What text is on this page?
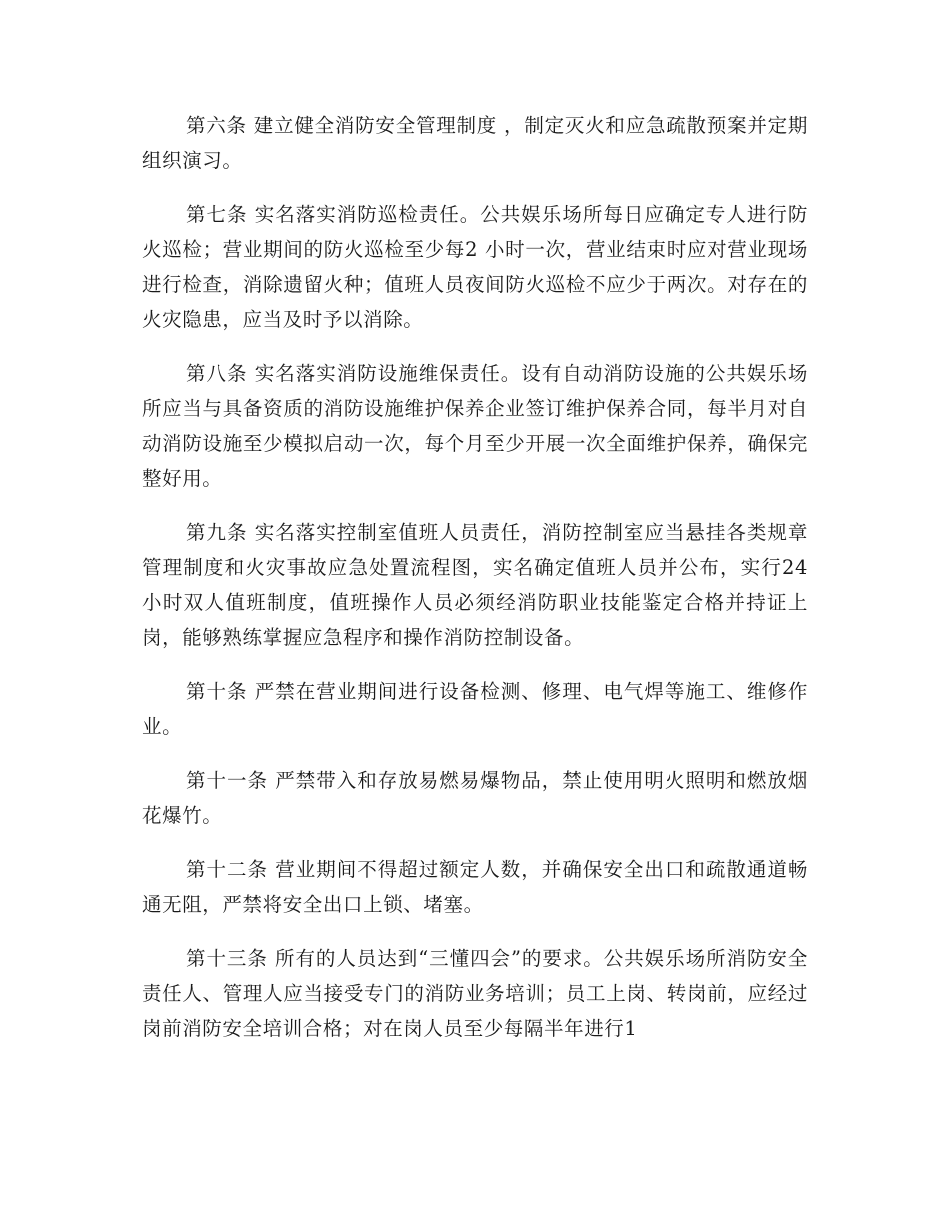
第六条 建立健全消防安全管理制度 ，制定灭火和应急疏散预案并定期组织演习。

第七条 实名落实消防巡检责任。公共娱乐场所每日应确定专人进行防火巡检；营业期间的防火巡检至少每2 小时一次，营业结束时应对营业现场进行检查，消除遗留火种；值班人员夜间防火巡检不应少于两次。对存在的火灾隐患，应当及时予以消除。

第八条 实名落实消防设施维保责任。设有自动消防设施的公共娱乐场所应当与具备资质的消防设施维护保养企业签订维护保养合同，每半月对自动消防设施至少模拟启动一次，每个月至少开展一次全面维护保养，确保完整好用。

第九条 实名落实控制室值班人员责任，消防控制室应当悬挂各类规章管理制度和火灾事故应急处置流程图，实名确定值班人员并公布，实行24 小时双人值班制度，值班操作人员必须经消防职业技能鉴定合格并持证上岗，能够熟练掌握应急程序和操作消防控制设备。

第十条 严禁在营业期间进行设备检测、修理、电气焊等施工、维修作业。

第十一条 严禁带入和存放易燃易爆物品，禁止使用明火照明和燃放烟花爆竹。

第十二条 营业期间不得超过额定人数，并确保安全出口和疏散通道畅通无阻，严禁将安全出口上锁、堵塞。

第十三条 所有的人员达到“三懂四会”的要求。公共娱乐场所消防安全责任人、管理人应当接受专门的消防业务培训；员工上岗、转岗前，应经过岗前消防安全培训合格；对在岗人员至少每隔半年进行1
